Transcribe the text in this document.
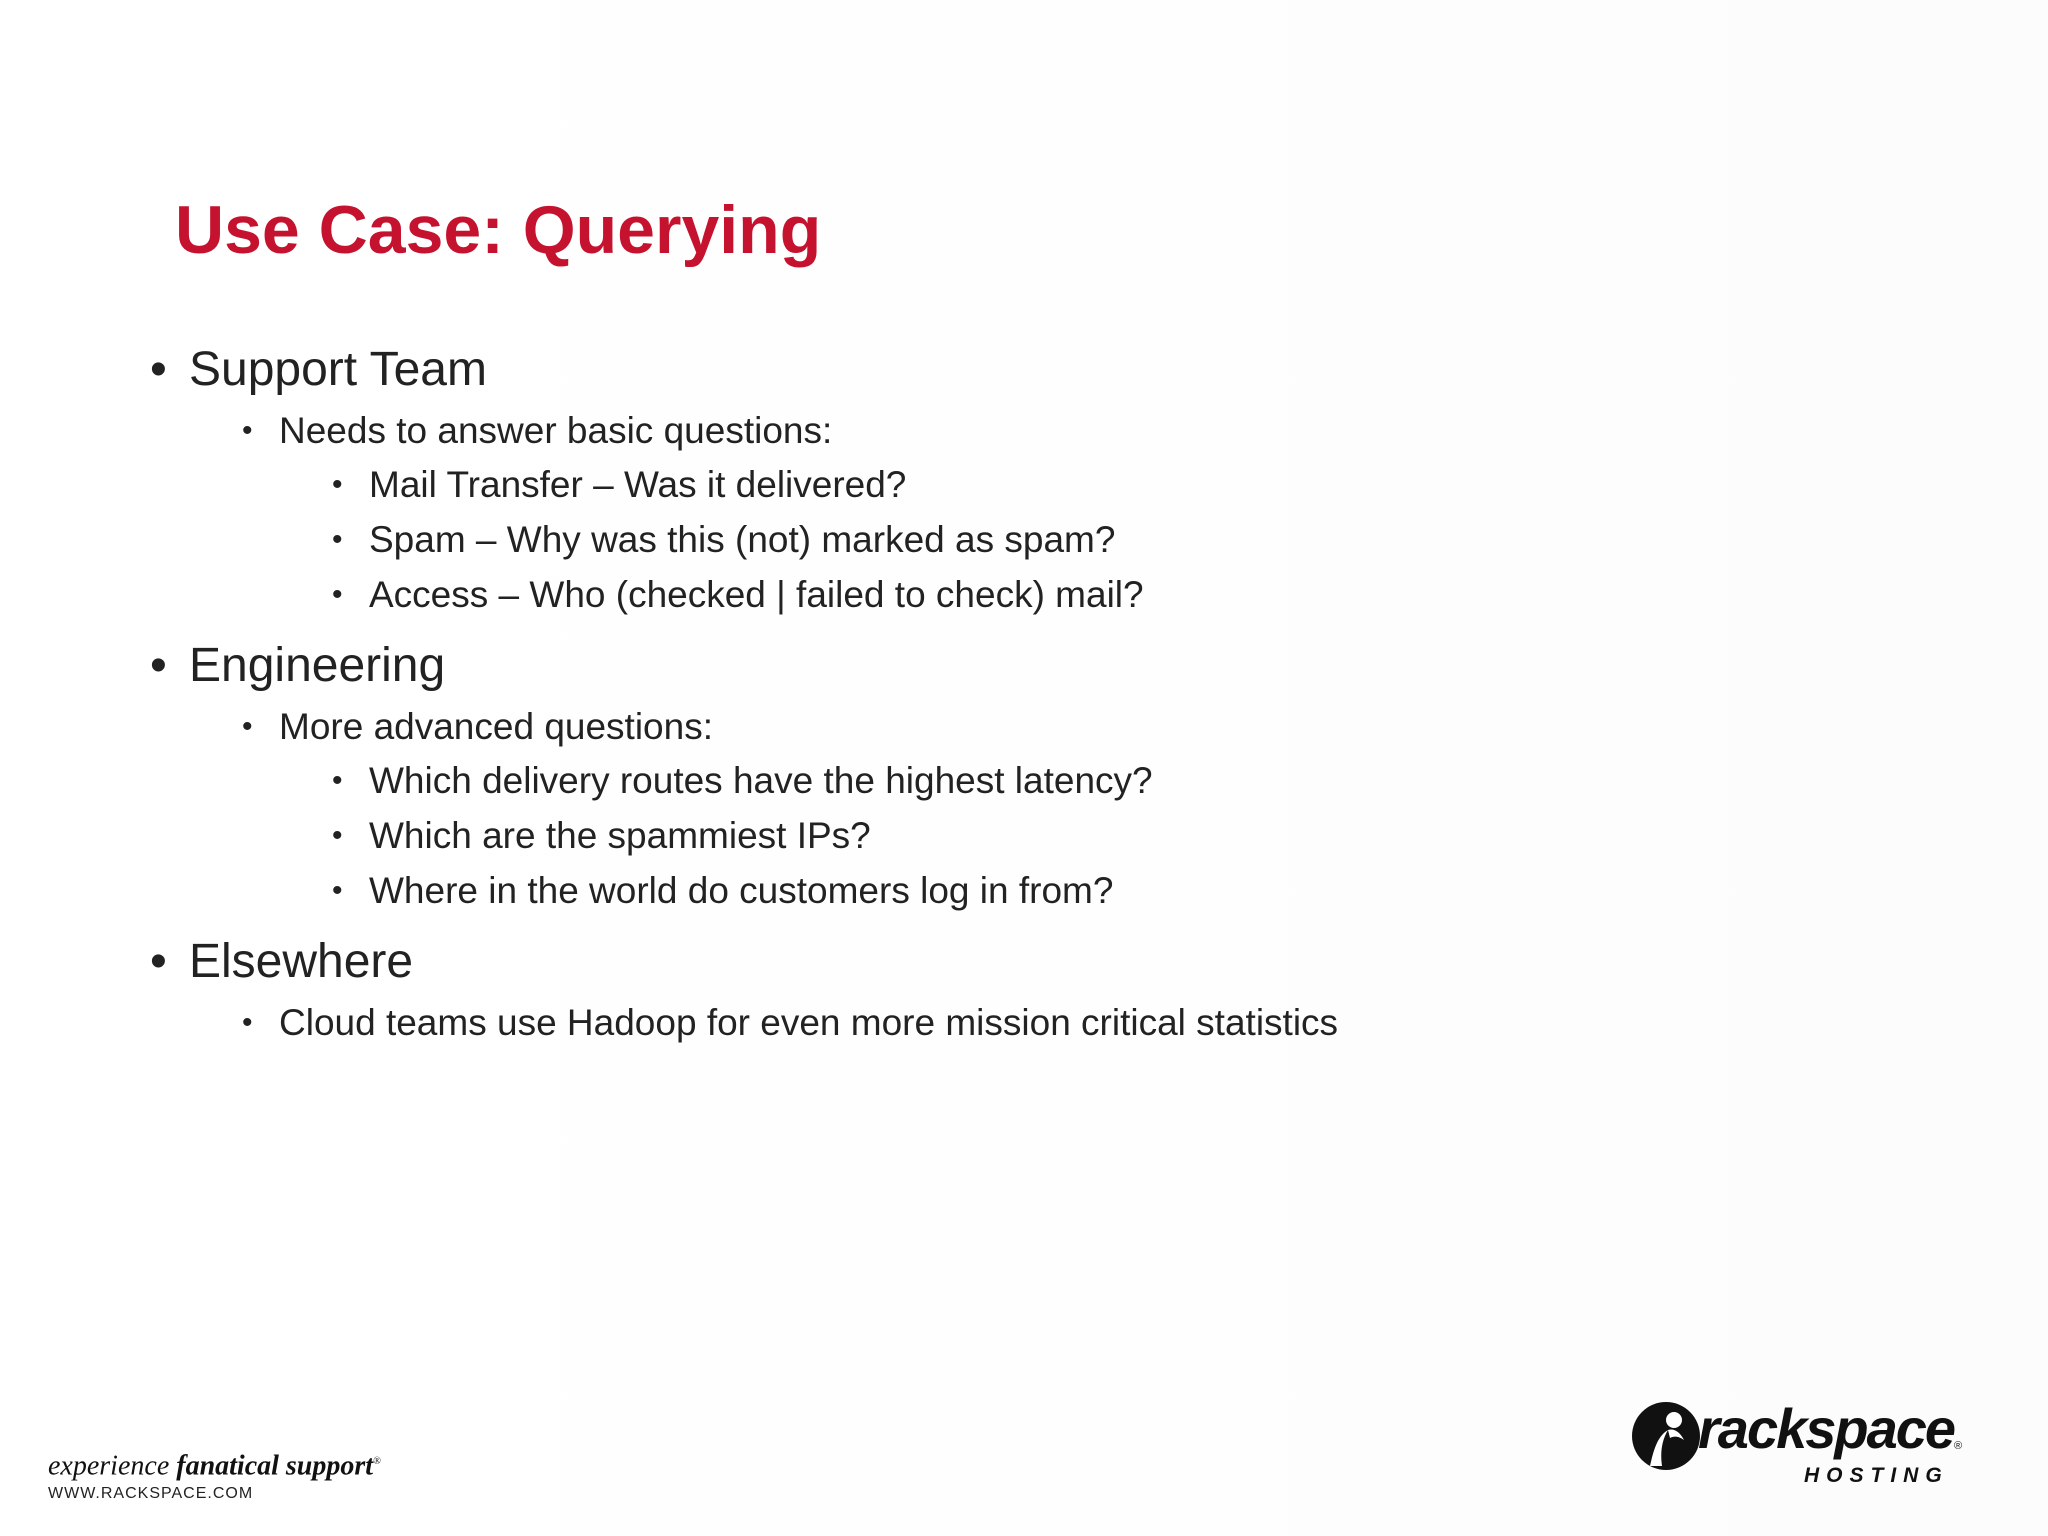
Use Case: Querying
• Support Team
• Needs to answer basic questions:
• Mail Transfer – Was it delivered?
• Spam – Why was this (not) marked as spam?
• Access – Who (checked | failed to check) mail?
• Engineering
• More advanced questions:
• Which delivery routes have the highest latency?
• Which are the spammiest IPs?
• Where in the world do customers log in from?
• Elsewhere
• Cloud teams use Hadoop for even more mission critical statistics
experience fanatical support®
WWW.RACKSPACE.COM
rackspace ®
HOSTING
